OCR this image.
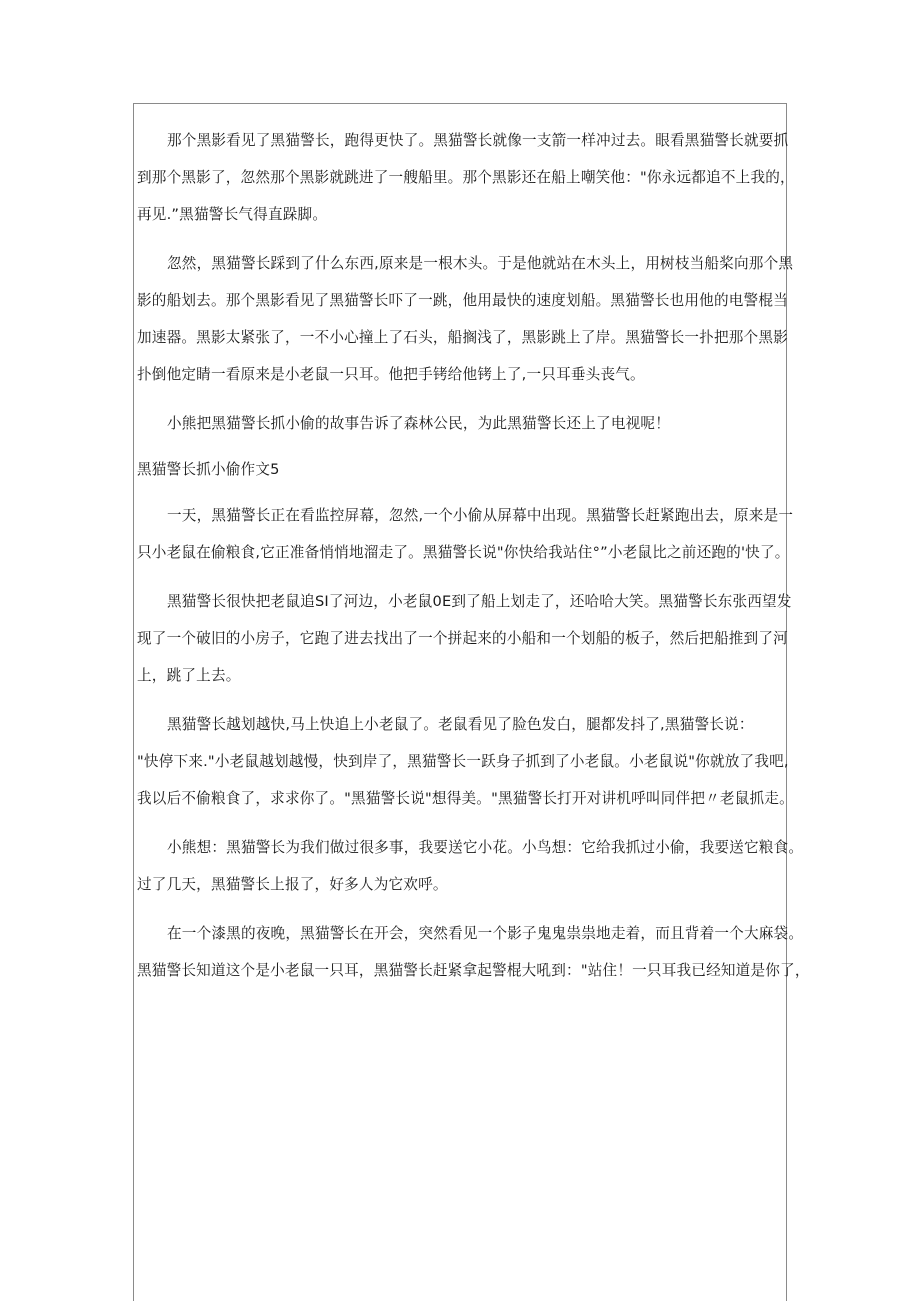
那个黑影看见了黑猫警长，跑得更快了。黑猫警长就像一支箭一样冲过去。眼看黑猫警长就要抓
到那个黑影了，忽然那个黑影就跳进了一艘船里。那个黑影还在船上嘲笑他："你永远都追不上我的，
再见.”黑猫警长气得直跺脚。

忽然，黑猫警长踩到了什么东西,原来是一根木头。于是他就站在木头上，用树枝当船桨向那个黑
影的船划去。那个黑影看见了黑猫警长吓了一跳，他用最快的速度划船。黑猫警长也用他的电警棍当
加速器。黑影太紧张了，一不小心撞上了石头，船搁浅了，黑影跳上了岸。黑猫警长一扑把那个黑影
扑倒他定睛一看原来是小老鼠一只耳。他把手铐给他铐上了,一只耳垂头丧气。

小熊把黑猫警长抓小偷的故事告诉了森林公民，为此黑猫警长还上了电视呢！

黑猫警长抓小偷作文5

一天，黑猫警长正在看监控屏幕，忽然,一个小偷从屏幕中出现。黑猫警长赶紧跑出去，原来是一
只小老鼠在偷粮食,它正准备悄悄地溜走了。黑猫警长说"你快给我站住°”小老鼠比之前还跑的'快了。

黑猫警长很快把老鼠追SI了河边，小老鼠0E到了船上划走了，还哈哈大笑。黑猫警长东张西望发
现了一个破旧的小房子，它跑了进去找出了一个拼起来的小船和一个划船的板子，然后把船推到了河
上，跳了上去。

黑猫警长越划越快,马上快追上小老鼠了。老鼠看见了脸色发白，腿都发抖了,黑猫警长说：
"快停下来."小老鼠越划越慢，快到岸了，黑猫警长一跃身子抓到了小老鼠。小老鼠说"你就放了我吧,
我以后不偷粮食了，求求你了。"黑猫警长说"想得美。"黑猫警长打开对讲机呼叫同伴把〃老鼠抓走。

小熊想：黑猫警长为我们做过很多事，我要送它小花。小鸟想：它给我抓过小偷，我要送它粮食。
过了几天，黑猫警长上报了，好多人为它欢呼。

在一个漆黑的夜晚，黑猫警长在开会，突然看见一个影子鬼鬼祟祟地走着，而且背着一个大麻袋。
黑猫警长知道这个是小老鼠一只耳，黑猫警长赶紧拿起警棍大吼到："站住！一只耳我已经知道是你了，
